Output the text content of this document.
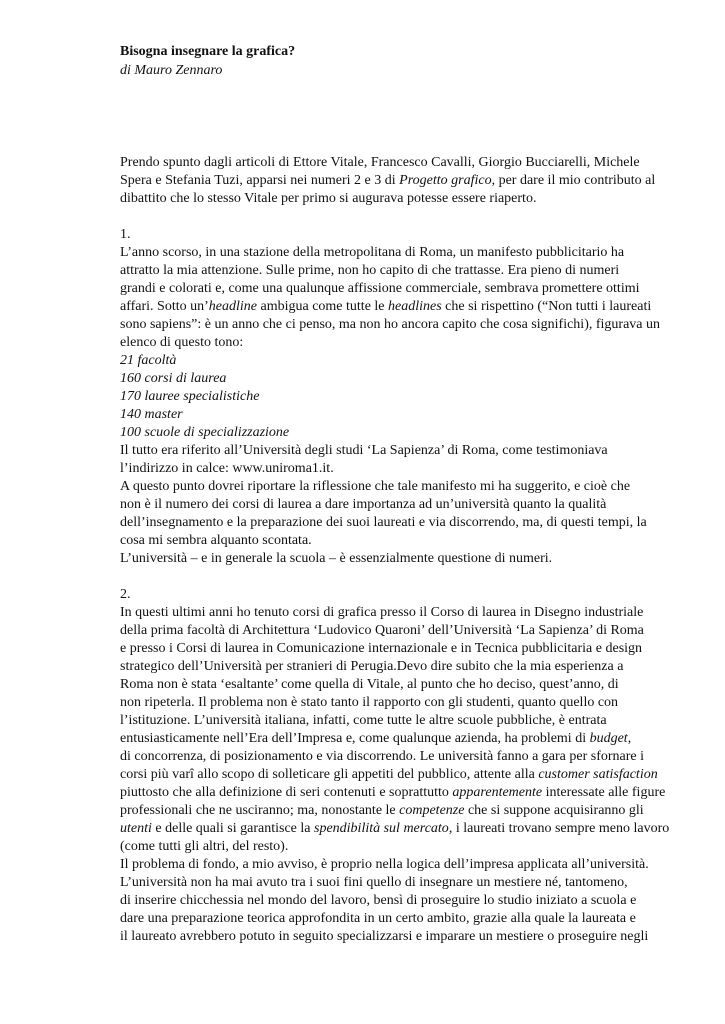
Bisogna insegnare la grafica?
di Mauro Zennaro
Prendo spunto dagli articoli di Ettore Vitale, Francesco Cavalli, Giorgio Bucciarelli, Michele
Spera e Stefania Tuzi, apparsi nei numeri 2 e 3 di Progetto grafico, per dare il mio contributo al
dibattito che lo stesso Vitale per primo si augurava potesse essere riaperto.
1.
L’anno scorso, in una stazione della metropolitana di Roma, un manifesto pubblicitario ha
attratto la mia attenzione. Sulle prime, non ho capito di che trattasse. Era pieno di numeri
grandi e colorati e, come una qualunque affissione commerciale, sembrava promettere ottimi
affari. Sotto un’headline ambigua come tutte le headlines che si rispettino (“Non tutti i laureati
sono sapiens”: è un anno che ci penso, ma non ho ancora capito che cosa significhi), figurava un
elenco di questo tono:
21 facoltà
160 corsi di laurea
170 lauree specialistiche
140 master
100 scuole di specializzazione
Il tutto era riferito all’Università degli studi ‘La Sapienza’ di Roma, come testimoniava
l’indirizzo in calce: www.uniroma1.it.
A questo punto dovrei riportare la riflessione che tale manifesto mi ha suggerito, e cioè che
non è il numero dei corsi di laurea a dare importanza ad un’università quanto la qualità
dell’insegnamento e la preparazione dei suoi laureati e via discorrendo, ma, di questi tempi, la
cosa mi sembra alquanto scontata.
L’università – e in generale la scuola – è essenzialmente questione di numeri.
2.
In questi ultimi anni ho tenuto corsi di grafica presso il Corso di laurea in Disegno industriale
della prima facoltà di Architettura ‘Ludovico Quaroni’ dell’Università ‘La Sapienza’ di Roma
e presso i Corsi di laurea in Comunicazione internazionale e in Tecnica pubblicitaria e design
strategico dell’Università per stranieri di Perugia.Devo dire subito che la mia esperienza a
Roma non è stata ‘esaltante’ come quella di Vitale, al punto che ho deciso, quest’anno, di
non ripeterla. Il problema non è stato tanto il rapporto con gli studenti, quanto quello con
l’istituzione. L’università italiana, infatti, come tutte le altre scuole pubbliche, è entrata
entusiasticamente nell’Era dell’Impresa e, come qualunque azienda, ha problemi di budget,
di concorrenza, di posizionamento e via discorrendo. Le università fanno a gara per sfornare i
corsi più varî allo scopo di solleticare gli appetiti del pubblico, attente alla customer satisfaction
piuttosto che alla definizione di seri contenuti e soprattutto apparentemente interessate alle figure
professionali che ne usciranno; ma, nonostante le competenze che si suppone acquisiranno gli
utenti e delle quali si garantisce la spendibilità sul mercato, i laureati trovano sempre meno lavoro
(come tutti gli altri, del resto).
Il problema di fondo, a mio avviso, è proprio nella logica dell’impresa applicata all’università.
L’università non ha mai avuto tra i suoi fini quello di insegnare un mestiere né, tantomeno,
di inserire chicchessia nel mondo del lavoro, bensì di proseguire lo studio iniziato a scuola e
dare una preparazione teorica approfondita in un certo ambito, grazie alla quale la laureata e
il laureato avrebbero potuto in seguito specializzarsi e imparare un mestiere o proseguire negli
